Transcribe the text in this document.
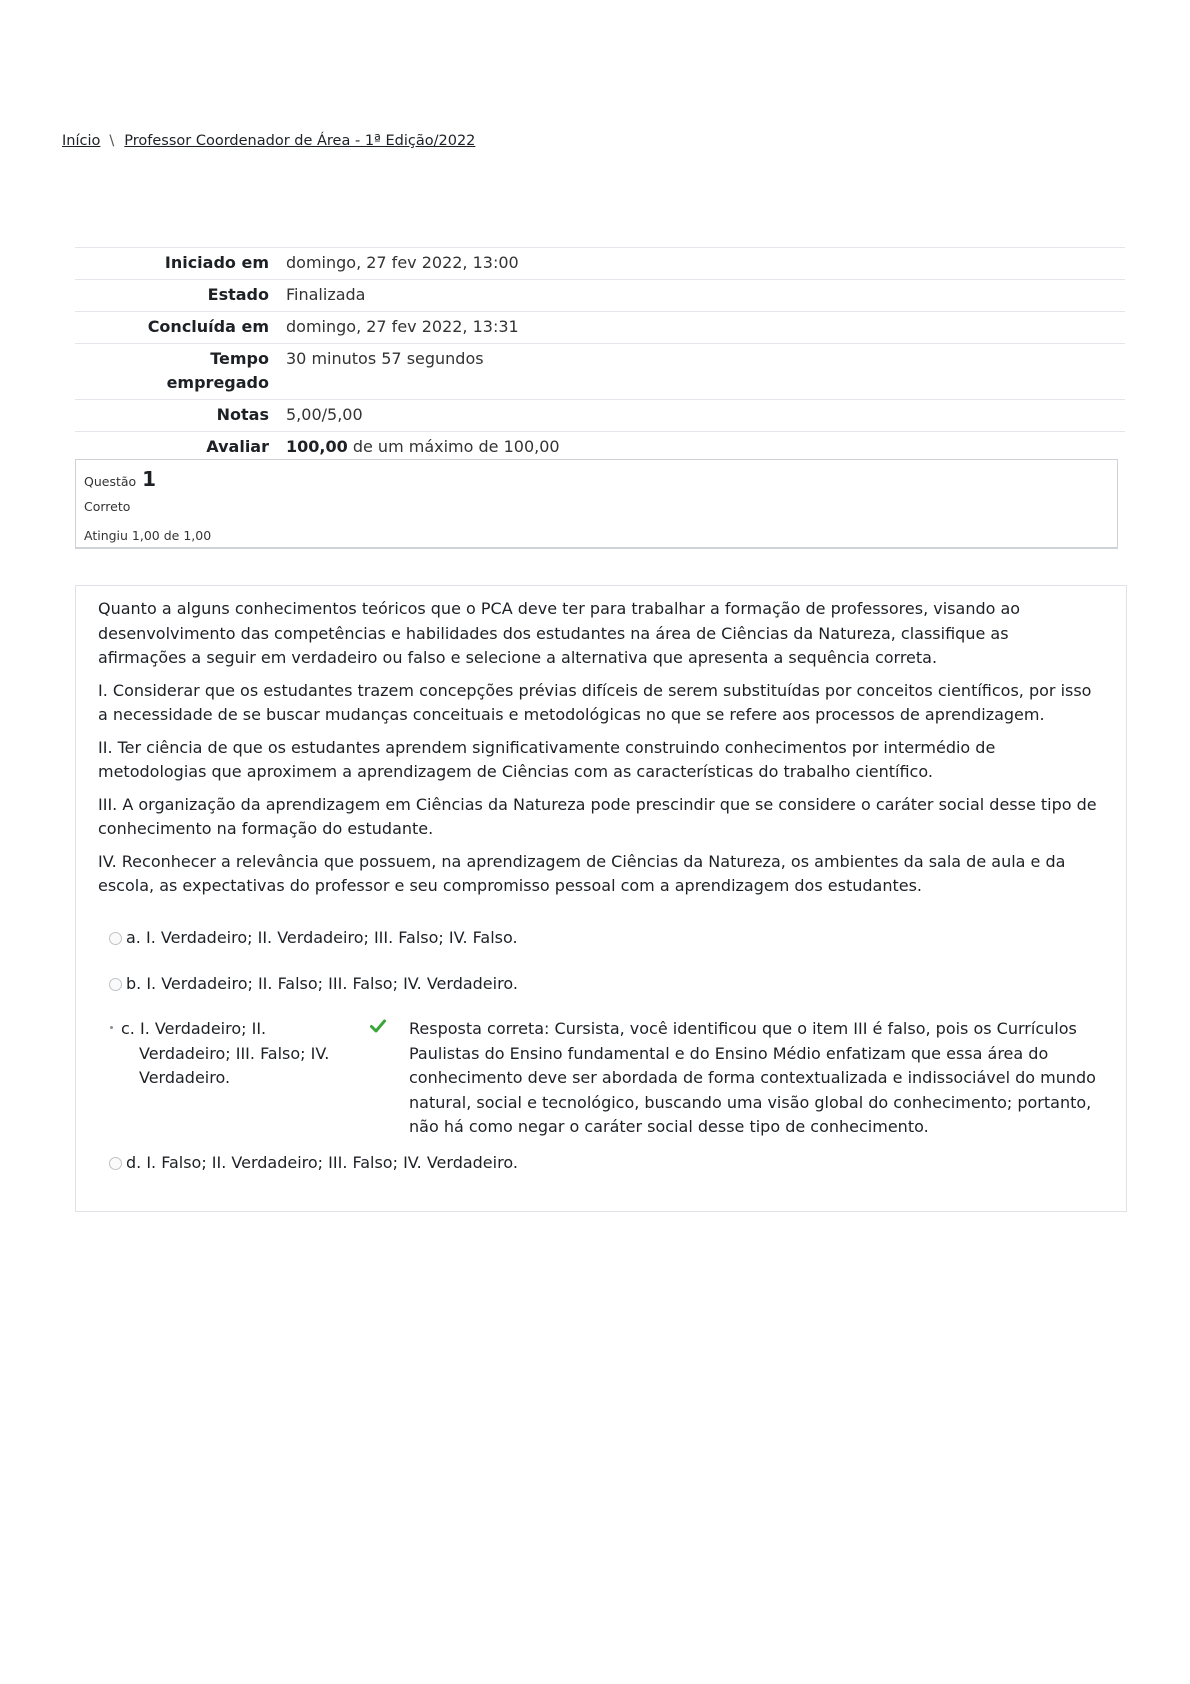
Início \ Professor Coordenador de Área - 1ª Edição/2022
Iniciado em	domingo, 27 fev 2022, 13:00
Estado	Finalizada
Concluída em	domingo, 27 fev 2022, 13:31
Tempo empregado	30 minutos 57 segundos
Notas	5,00/5,00
Avaliar	100,00 de um máximo de 100,00
Questão 1
Correto
Atingiu 1,00 de 1,00

Quanto a alguns conhecimentos teóricos que o PCA deve ter para trabalhar a formação de professores, visando ao desenvolvimento das competências e habilidades dos estudantes na área de Ciências da Natureza, classifique as afirmações a seguir em verdadeiro ou falso e selecione a alternativa que apresenta a sequência correta.

I. Considerar que os estudantes trazem concepções prévias difíceis de serem substituídas por conceitos científicos, por isso a necessidade de se buscar mudanças conceituais e metodológicas no que se refere aos processos de aprendizagem.

II. Ter ciência de que os estudantes aprendem significativamente construindo conhecimentos por intermédio de metodologias que aproximem a aprendizagem de Ciências com as características do trabalho científico.

III. A organização da aprendizagem em Ciências da Natureza pode prescindir que se considere o caráter social desse tipo de conhecimento na formação do estudante.

IV. Reconhecer a relevância que possuem, na aprendizagem de Ciências da Natureza, os ambientes da sala de aula e da escola, as expectativas do professor e seu compromisso pessoal com a aprendizagem dos estudantes.

a. I. Verdadeiro; II. Verdadeiro; III. Falso; IV. Falso.
b. I. Verdadeiro; II. Falso; III. Falso; IV. Verdadeiro.
c. I. Verdadeiro; II. Verdadeiro; III. Falso; IV. Verdadeiro.
Resposta correta: Cursista, você identificou que o item III é falso, pois os Currículos Paulistas do Ensino fundamental e do Ensino Médio enfatizam que essa área do conhecimento deve ser abordada de forma contextualizada e indissociável do mundo natural, social e tecnológico, buscando uma visão global do conhecimento; portanto, não há como negar o caráter social desse tipo de conhecimento.
d. I. Falso; II. Verdadeiro; III. Falso; IV. Verdadeiro.
